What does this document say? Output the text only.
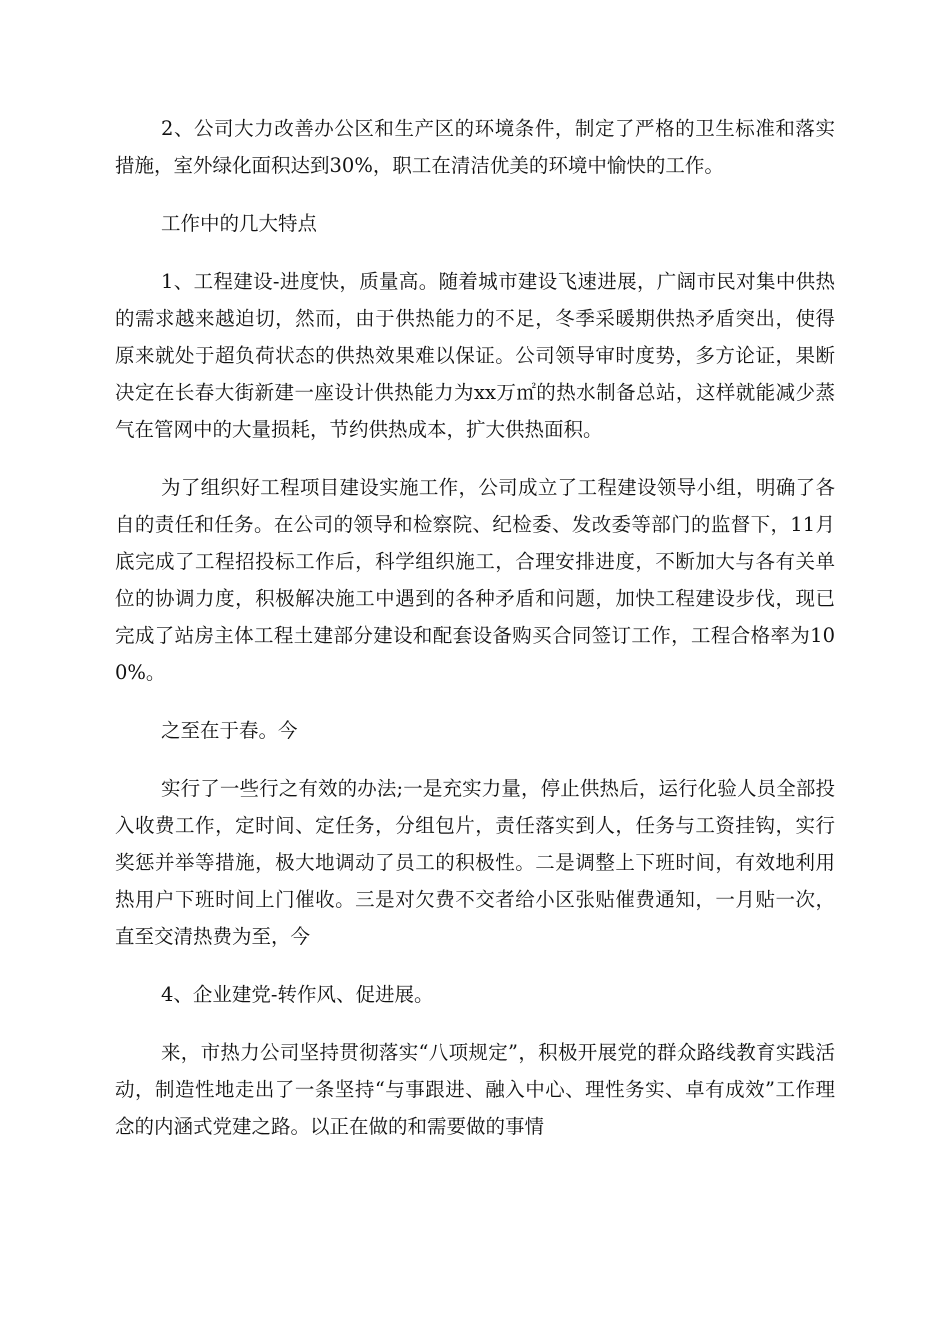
2、公司大力改善办公区和生产区的环境条件，制定了严格的卫生标准和落实措施，室外绿化面积达到30%，职工在清洁优美的环境中愉快的工作。

工作中的几大特点

1、工程建设-进度快，质量高。随着城市建设飞速进展，广阔市民对集中供热的需求越来越迫切，然而，由于供热能力的不足，冬季采暖期供热矛盾突出，使得原来就处于超负荷状态的供热效果难以保证。公司领导审时度势，多方论证，果断决定在长春大街新建一座设计供热能力为xx万㎡的热水制备总站，这样就能减少蒸气在管网中的大量损耗，节约供热成本，扩大供热面积。

为了组织好工程项目建设实施工作，公司成立了工程建设领导小组，明确了各自的责任和任务。在公司的领导和检察院、纪检委、发改委等部门的监督下，11月底完成了工程招投标工作后，科学组织施工，合理安排进度，不断加大与各有关单位的协调力度，积极解决施工中遇到的各种矛盾和问题，加快工程建设步伐，现已完成了站房主体工程土建部分建设和配套设备购买合同签订工作，工程合格率为100%。

之至在于春。今

实行了一些行之有效的办法;一是充实力量，停止供热后，运行化验人员全部投入收费工作，定时间、定任务，分组包片，责任落实到人，任务与工资挂钩，实行奖惩并举等措施，极大地调动了员工的积极性。二是调整上下班时间，有效地利用热用户下班时间上门催收。三是对欠费不交者给小区张贴催费通知，一月贴一次，直至交清热费为至，今

4、企业建党-转作风、促进展。

来，市热力公司坚持贯彻落实“八项规定”，积极开展党的群众路线教育实践活动，制造性地走出了一条坚持“与事跟进、融入中心、理性务实、卓有成效”工作理念的内涵式党建之路。以正在做的和需要做的事情
